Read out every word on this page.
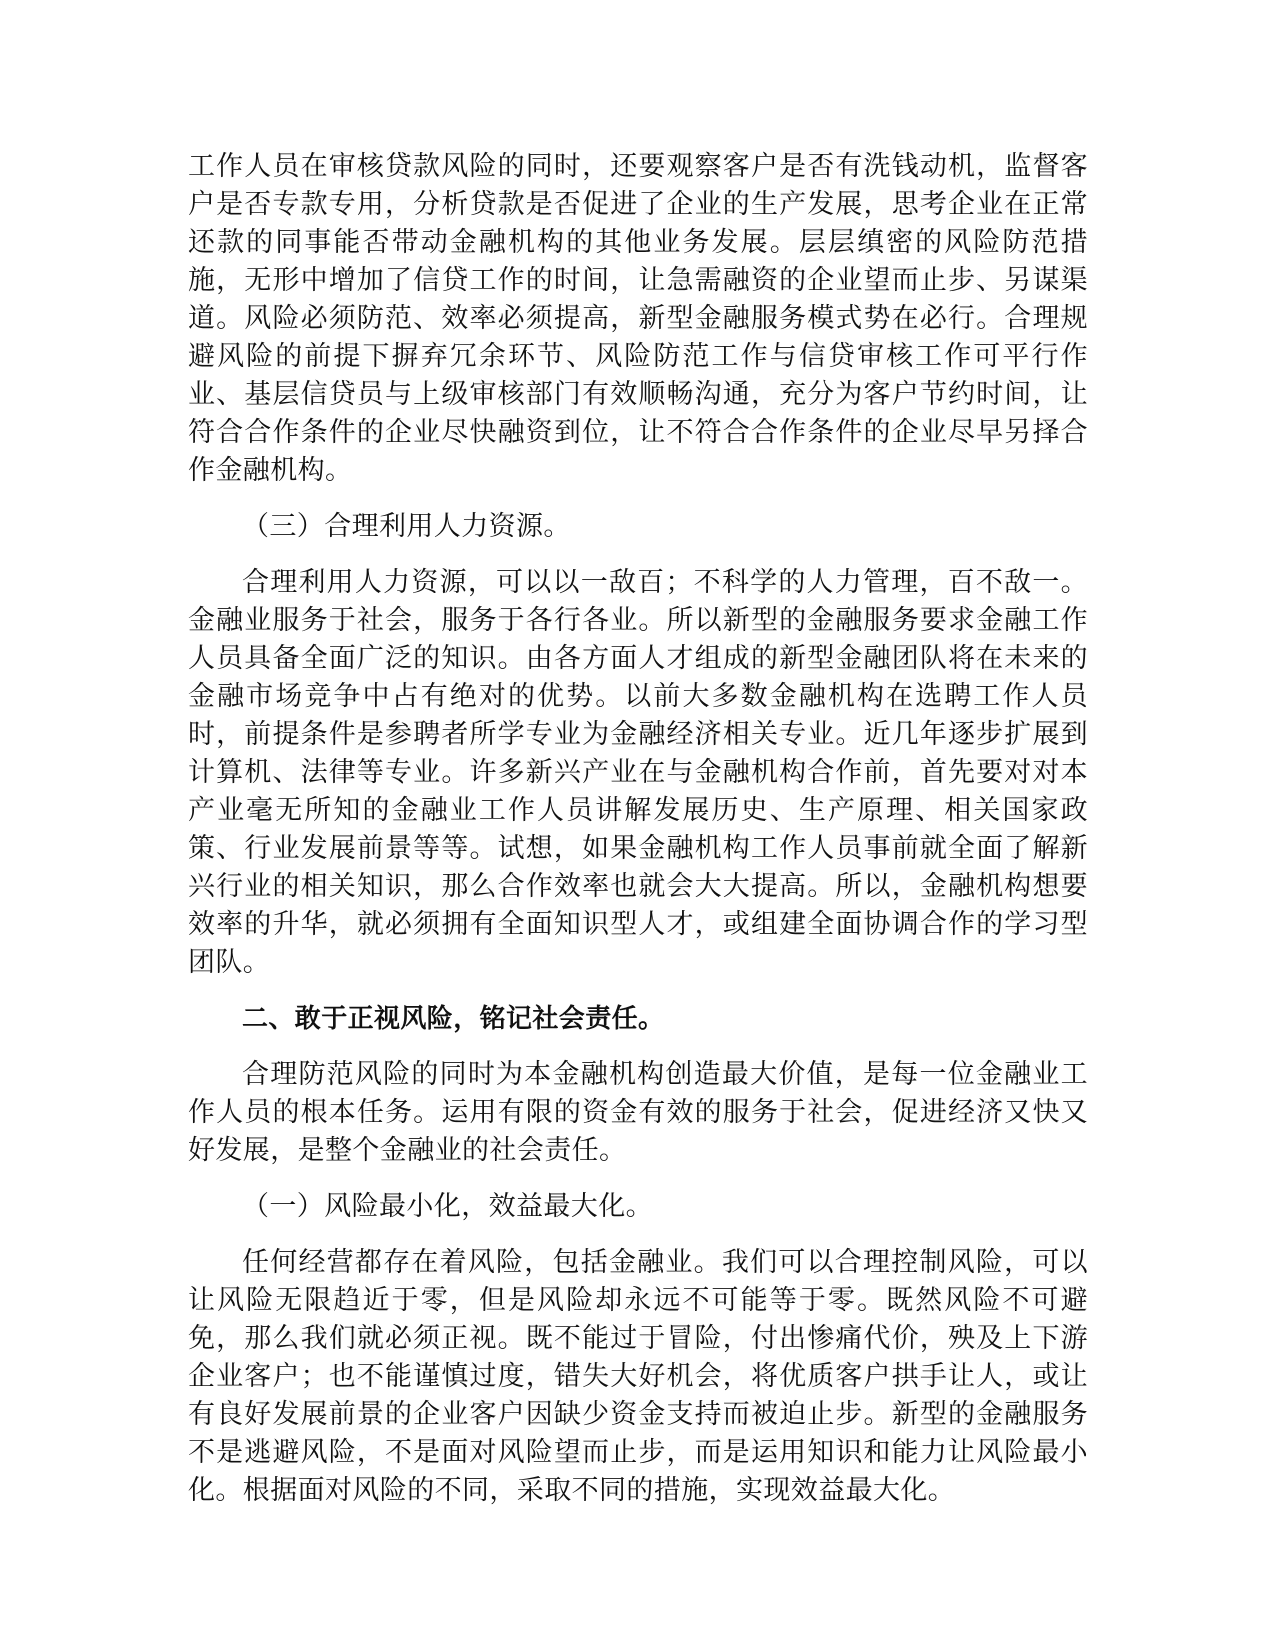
工作人员在审核贷款风险的同时，还要观察客户是否有洗钱动机，监督客户是否专款专用，分析贷款是否促进了企业的生产发展，思考企业在正常还款的同事能否带动金融机构的其他业务发展。层层缜密的风险防范措施，无形中增加了信贷工作的时间，让急需融资的企业望而止步、另谋渠道。风险必须防范、效率必须提高，新型金融服务模式势在必行。合理规避风险的前提下摒弃冗余环节、风险防范工作与信贷审核工作可平行作业、基层信贷员与上级审核部门有效顺畅沟通，充分为客户节约时间，让符合合作条件的企业尽快融资到位，让不符合合作条件的企业尽早另择合作金融机构。

（三）合理利用人力资源。

合理利用人力资源，可以以一敌百；不科学的人力管理，百不敌一。金融业服务于社会，服务于各行各业。所以新型的金融服务要求金融工作人员具备全面广泛的知识。由各方面人才组成的新型金融团队将在未来的金融市场竞争中占有绝对的优势。以前大多数金融机构在选聘工作人员时，前提条件是参聘者所学专业为金融经济相关专业。近几年逐步扩展到计算机、法律等专业。许多新兴产业在与金融机构合作前，首先要对对本产业毫无所知的金融业工作人员讲解发展历史、生产原理、相关国家政策、行业发展前景等等。试想，如果金融机构工作人员事前就全面了解新兴行业的相关知识，那么合作效率也就会大大提高。所以，金融机构想要效率的升华，就必须拥有全面知识型人才，或组建全面协调合作的学习型团队。

二、敢于正视风险，铭记社会责任。

合理防范风险的同时为本金融机构创造最大价值，是每一位金融业工作人员的根本任务。运用有限的资金有效的服务于社会，促进经济又快又好发展，是整个金融业的社会责任。

（一）风险最小化，效益最大化。

任何经营都存在着风险，包括金融业。我们可以合理控制风险，可以让风险无限趋近于零，但是风险却永远不可能等于零。既然风险不可避免，那么我们就必须正视。既不能过于冒险，付出惨痛代价，殃及上下游企业客户；也不能谨慎过度，错失大好机会，将优质客户拱手让人，或让有良好发展前景的企业客户因缺少资金支持而被迫止步。新型的金融服务不是逃避风险，不是面对风险望而止步，而是运用知识和能力让风险最小化。根据面对风险的不同，采取不同的措施，实现效益最大化。
